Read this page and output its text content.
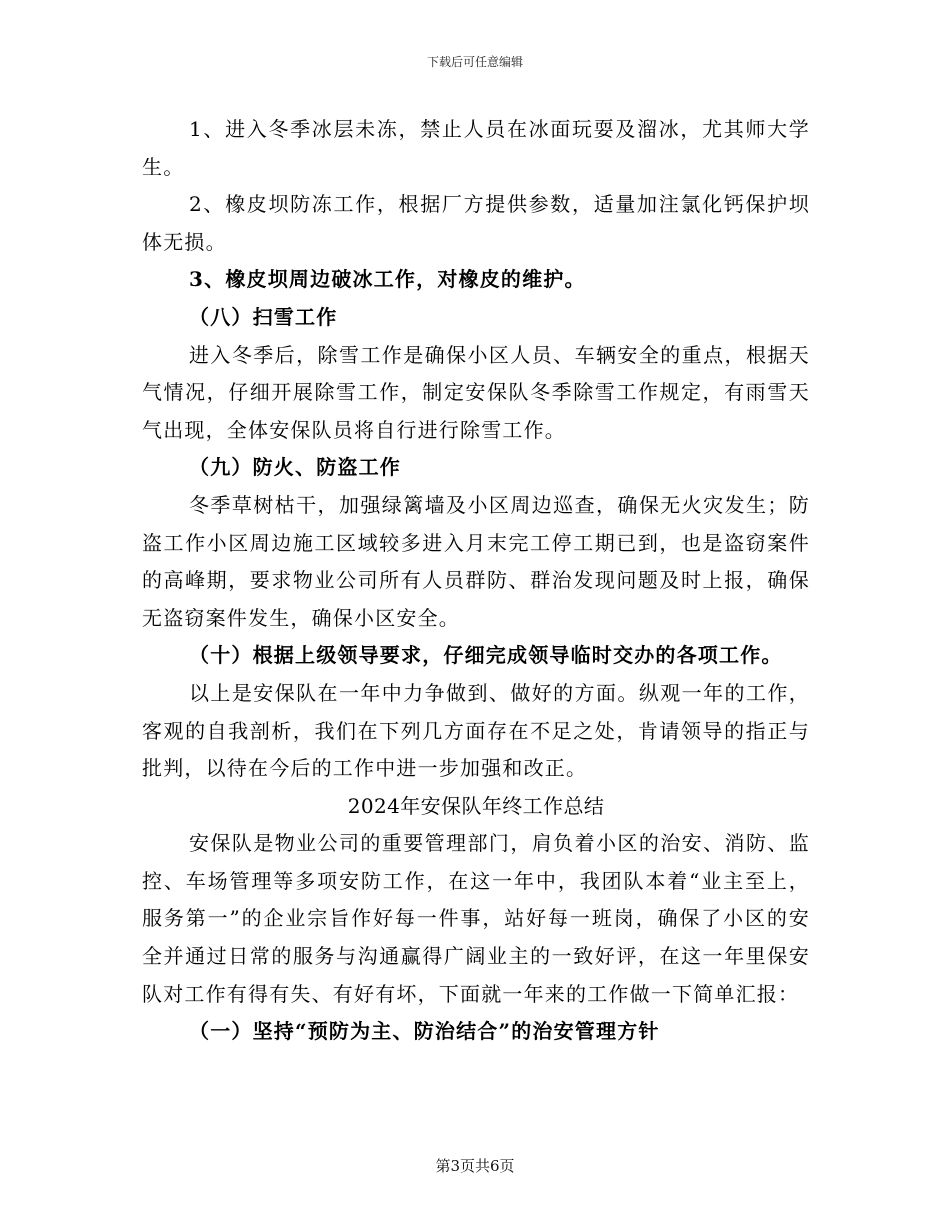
下载后可任意编辑

1、进入冬季冰层未冻，禁止人员在冰面玩耍及溜冰，尤其师大学生。

2、橡皮坝防冻工作，根据厂方提供参数，适量加注氯化钙保护坝体无损。

3、橡皮坝周边破冰工作，对橡皮的维护。

（八）扫雪工作

进入冬季后，除雪工作是确保小区人员、车辆安全的重点，根据天气情况，仔细开展除雪工作，制定安保队冬季除雪工作规定，有雨雪天气出现，全体安保队员将自行进行除雪工作。

（九）防火、防盗工作

冬季草树枯干，加强绿篱墙及小区周边巡查，确保无火灾发生；防盗工作小区周边施工区域较多进入月末完工停工期已到，也是盗窃案件的高峰期，要求物业公司所有人员群防、群治发现问题及时上报，确保无盗窃案件发生，确保小区安全。

（十）根据上级领导要求，仔细完成领导临时交办的各项工作。

以上是安保队在一年中力争做到、做好的方面。纵观一年的工作，客观的自我剖析，我们在下列几方面存在不足之处，肯请领导的指正与批判，以待在今后的工作中进一步加强和改正。

2024年安保队年终工作总结

安保队是物业公司的重要管理部门，肩负着小区的治安、消防、监控、车场管理等多项安防工作，在这一年中，我团队本着“业主至上，服务第一”的企业宗旨作好每一件事，站好每一班岗，确保了小区的安全并通过日常的服务与沟通赢得广阔业主的一致好评，在这一年里保安队对工作有得有失、有好有坏，下面就一年来的工作做一下简单汇报：

（一）坚持“预防为主、防治结合”的治安管理方针

第3页共6页
